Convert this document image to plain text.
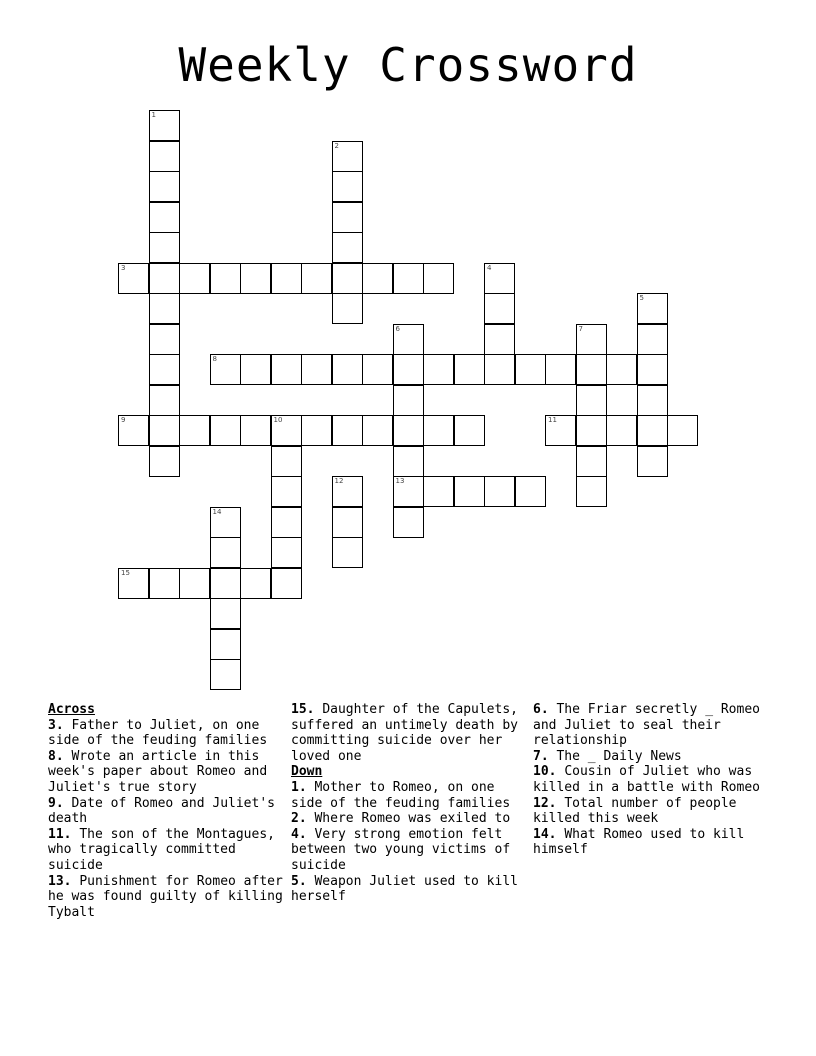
Weekly Crossword
1
2
3	4
5
6
13
7
8
9	10	11
12
14
15
Across
3. Father to Juliet, on one side of the feuding families
8. Wrote an article in this week's paper about Romeo and Juliet's true story
9. Date of Romeo and Juliet's death
11. The son of the Montagues, who tragically committed suicide
13. Punishment for Romeo after he was found guilty of killing Tybalt
15. Daughter of the Capulets, suffered an untimely death by committing suicide over her loved one
Down
1. Mother to Romeo, on one side of the feuding families
2. Where Romeo was exiled to
4. Very strong emotion felt between two young victims of suicide
5. Weapon Juliet used to kill herself
6. The Friar secretly _ Romeo and Juliet to seal their relationship
7. The _ Daily News
10. Cousin of Juliet who was killed in a battle with Romeo
12. Total number of people killed this week
14. What Romeo used to kill himself
